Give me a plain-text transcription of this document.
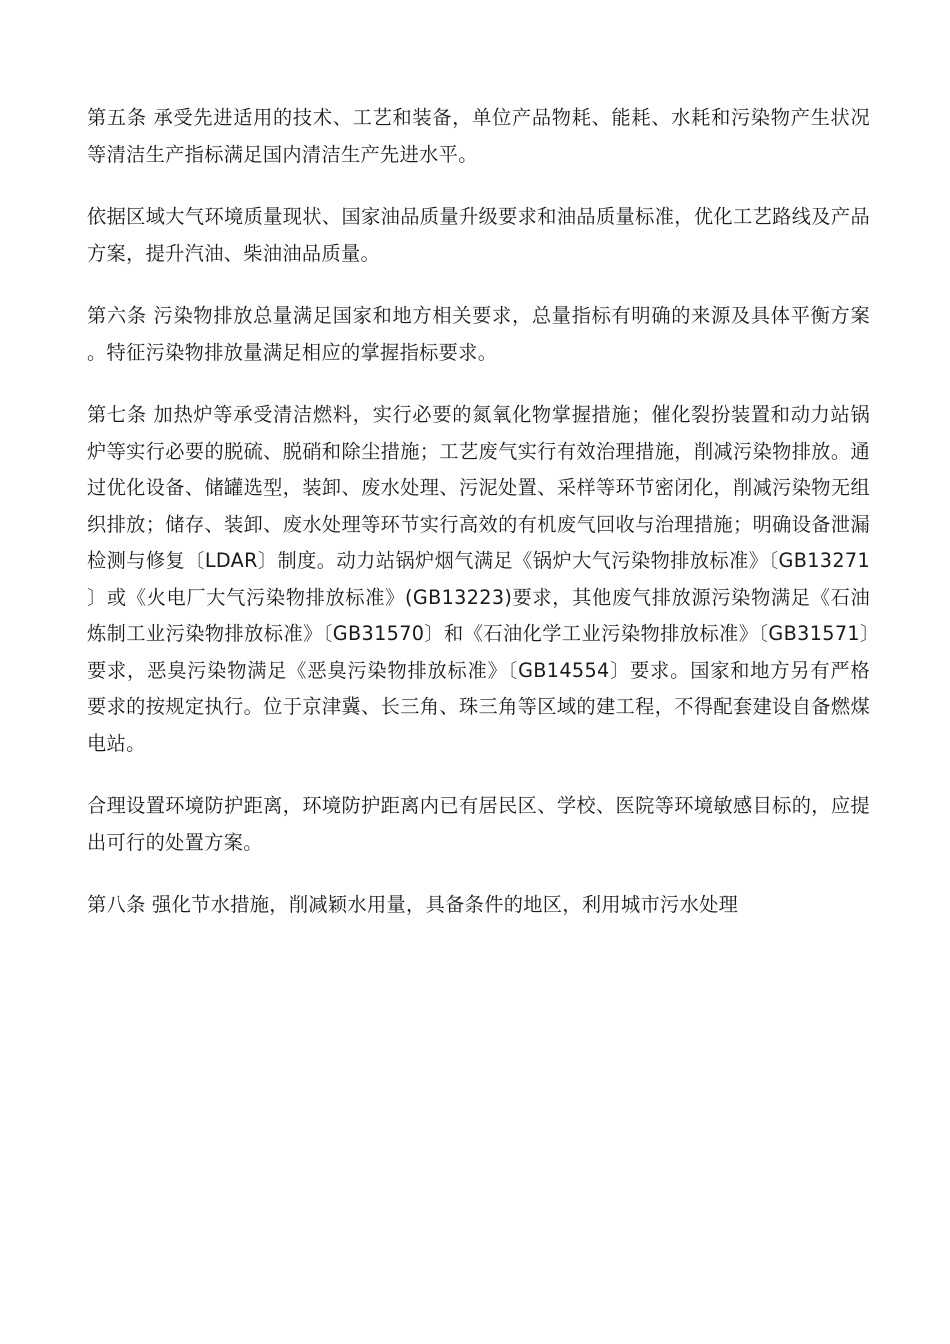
第五条 承受先进适用的技术、工艺和装备，单位产品物耗、能耗、水耗和污染物产生状况等清洁生产指标满足国内清洁生产先进水平。

依据区域大气环境质量现状、国家油品质量升级要求和油品质量标准，优化工艺路线及产品方案，提升汽油、柴油油品质量。

第六条 污染物排放总量满足国家和地方相关要求，总量指标有明确的来源及具体平衡方案。特征污染物排放量满足相应的掌握指标要求。

第七条 加热炉等承受清洁燃料，实行必要的氮氧化物掌握措施；催化裂扮装置和动力站锅炉等实行必要的脱硫、脱硝和除尘措施；工艺废气实行有效治理措施，削减污染物排放。通过优化设备、储罐选型，装卸、废水处理、污泥处置、采样等环节密闭化，削减污染物无组织排放；储存、装卸、废水处理等环节实行高效的有机废气回收与治理措施；明确设备泄漏检测与修复〔LDAR〕制度。动力站锅炉烟气满足《锅炉大气污染物排放标准》〔GB13271〕或《火电厂大气污染物排放标准》(GB13223)要求，其他废气排放源污染物满足《石油炼制工业污染物排放标准》〔GB31570〕和《石油化学工业污染物排放标准》〔GB31571〕要求，恶臭污染物满足《恶臭污染物排放标准》〔GB14554〕要求。国家和地方另有严格要求的按规定执行。位于京津冀、长三角、珠三角等区域的建工程，不得配套建设自备燃煤电站。

合理设置环境防护距离，环境防护距离内已有居民区、学校、医院等环境敏感目标的，应提出可行的处置方案。

第八条 强化节水措施，削减颖水用量，具备条件的地区，利用城市污水处理
